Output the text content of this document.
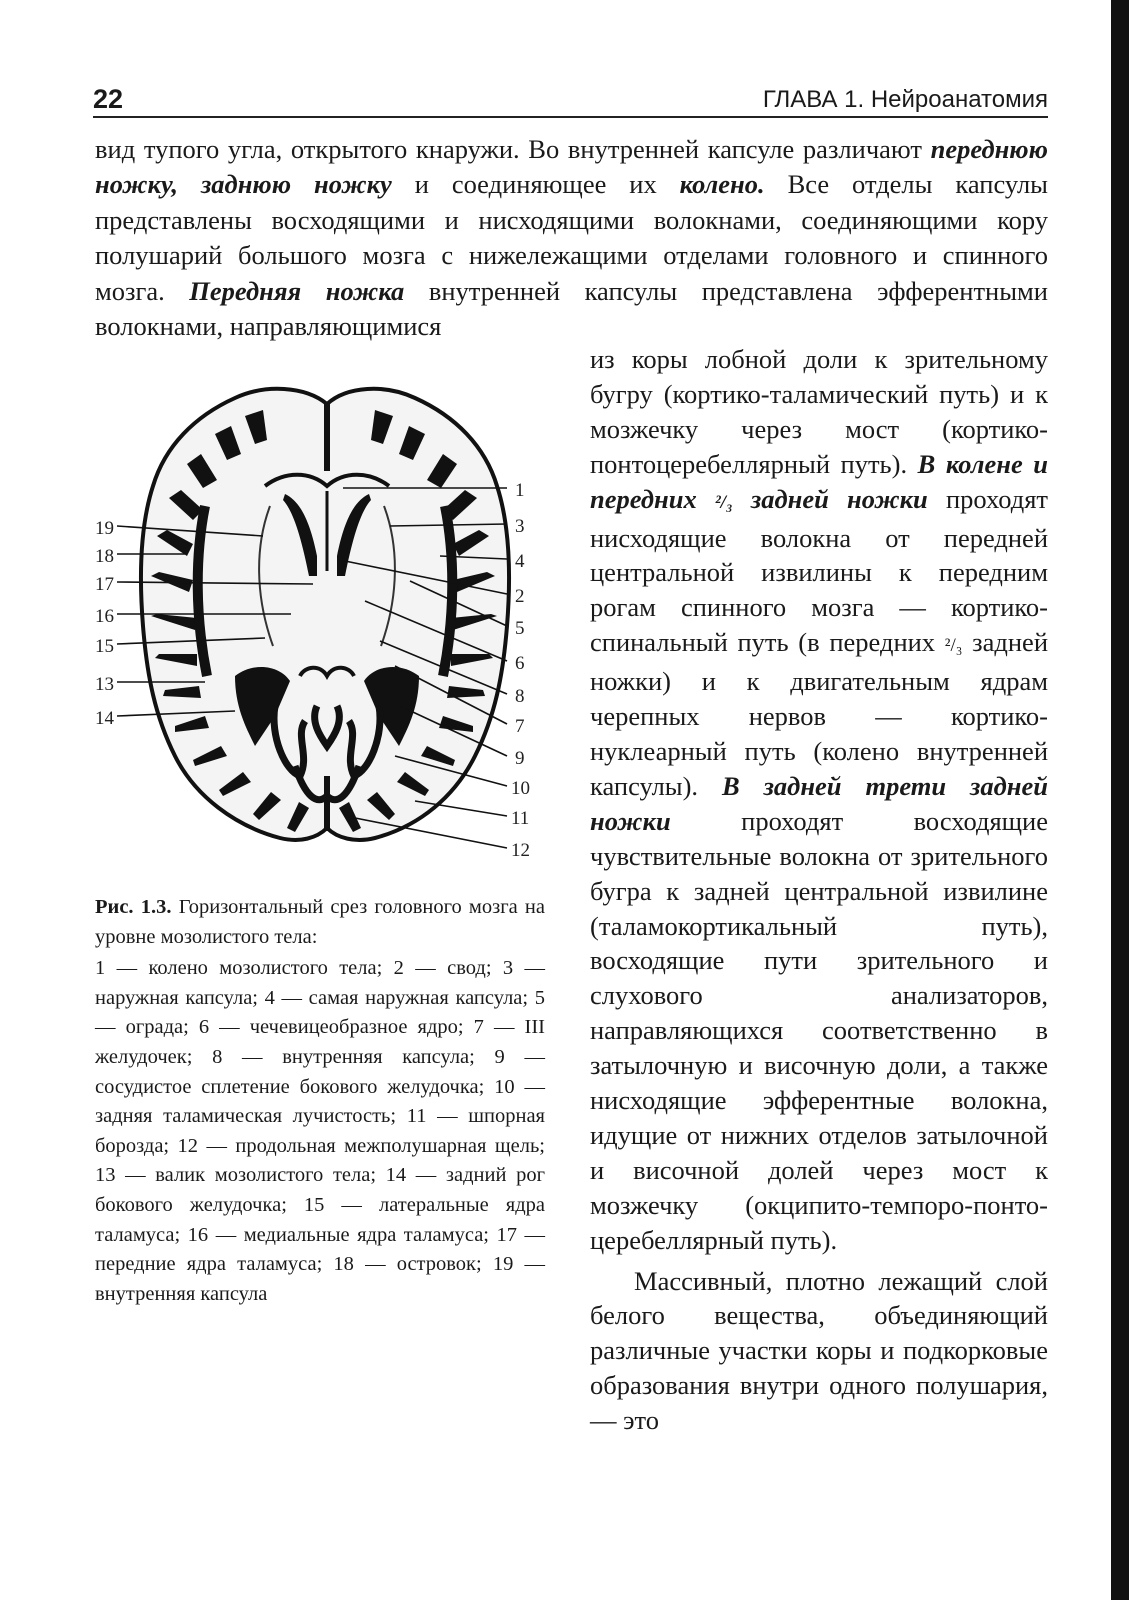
22	ГЛАВА 1. Нейроанатомия

вид тупого угла, открытого кнаружи. Во внутренней капсуле различают переднюю ножку, заднюю ножку и соединяющее их колено. Все отделы капсулы представлены восходящими и нисходящими волокнами, соединяющими кору полушарий большого мозга с нижележащими отделами головного и спинного мозга. Передняя ножка внутренней капсулы представлена эфферентными волокнами, направляющимися

из коры лобной доли к зрительному бугру (кортико-таламический путь) и к мозжечку через мост (кортико-понтоцеребеллярный путь). В колене и передних ²/₃ задней ножки проходят нисходящие волокна от передней центральной извилины к передним рогам спинного мозга — кортико-спинальный путь (в передних ²/₃ задней ножки) и к двигательным ядрам черепных нервов — кортико-нуклеарный путь (колено внутренней капсулы). В задней трети задней ножки проходят восходящие чувствительные волокна от зрительного бугра к задней центральной извилине (таламокортикальный путь), восходящие пути зрительного и слухового анализаторов, направляющихся соответственно в затылочную и височную доли, а также нисходящие эфферентные волокна, идущие от нижних отделов затылочной и височной долей через мост к мозжечку (окципито-темпоро-понто-церебеллярный путь).

Массивный, плотно лежащий слой белого вещества, объединяющий различные участки коры и подкорковые образования внутри одного полушария, — это

1
3
4
2
5
6
8
7
9
10
11
12
19
18
17
16
15
13
14

Рис. 1.3. Горизонтальный срез головного мозга на уровне мозолистого тела:

1 — колено мозолистого тела; 2 — свод; 3 — наружная капсула; 4 — самая наружная капсула; 5 — ограда; 6 — чечевицеобразное ядро; 7 — III желудочек; 8 — внутренняя капсула; 9 — сосудистое сплетение бокового желудочка; 10 — задняя таламическая лучистость; 11 — шпорная борозда; 12 — продольная межполушарная щель; 13 — валик мозолистого тела; 14 — задний рог бокового желудочка; 15 — латеральные ядра таламуса; 16 — медиальные ядра таламуса; 17 — передние ядра таламуса; 18 — островок; 19 — внутренняя капсула
